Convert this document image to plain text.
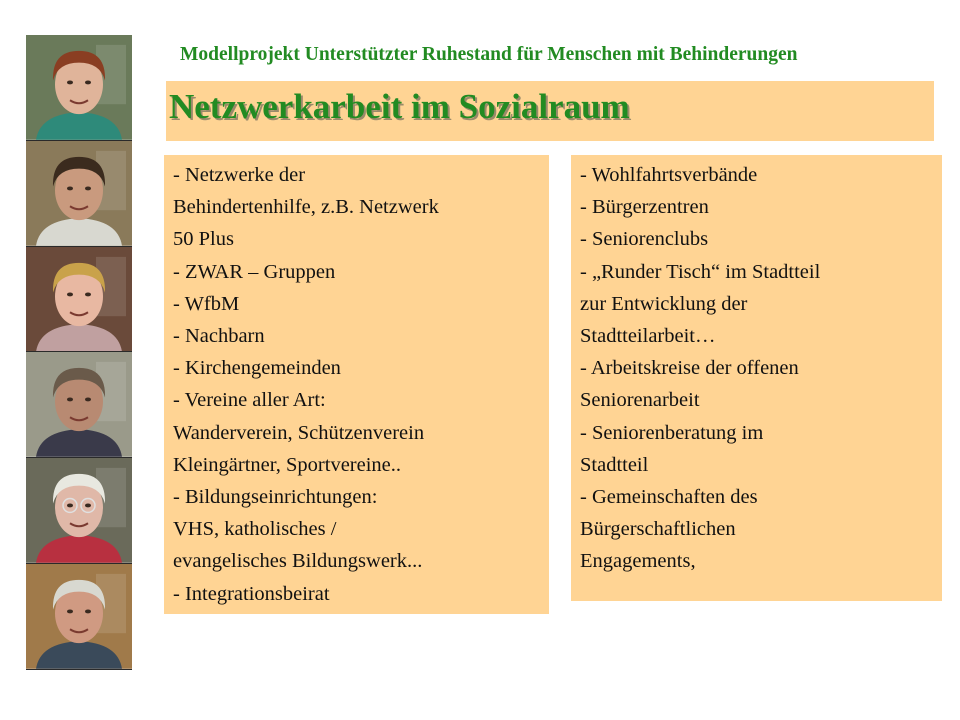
Modellprojekt Unterstützter Ruhestand für Menschen mit Behinderungen
Netzwerkarbeit im Sozialraum
- Netzwerke der
Behindertenhilfe, z.B. Netzwerk
50 Plus
- ZWAR – Gruppen
- WfbM
- Nachbarn
- Kirchengemeinden
- Vereine aller Art:
Wanderverein, Schützenverein
Kleingärtner, Sportvereine..
- Bildungseinrichtungen:
VHS, katholisches /
evangelisches Bildungswerk...
- Integrationsbeirat
- Wohlfahrtsverbände
- Bürgerzentren
- Seniorenclubs
- „Runder Tisch“ im Stadtteil
zur Entwicklung der
Stadtteilarbeit…
- Arbeitskreise der offenen
Seniorenarbeit
- Seniorenberatung im
Stadtteil
- Gemeinschaften des
Bürgerschaftlichen
Engagements,
